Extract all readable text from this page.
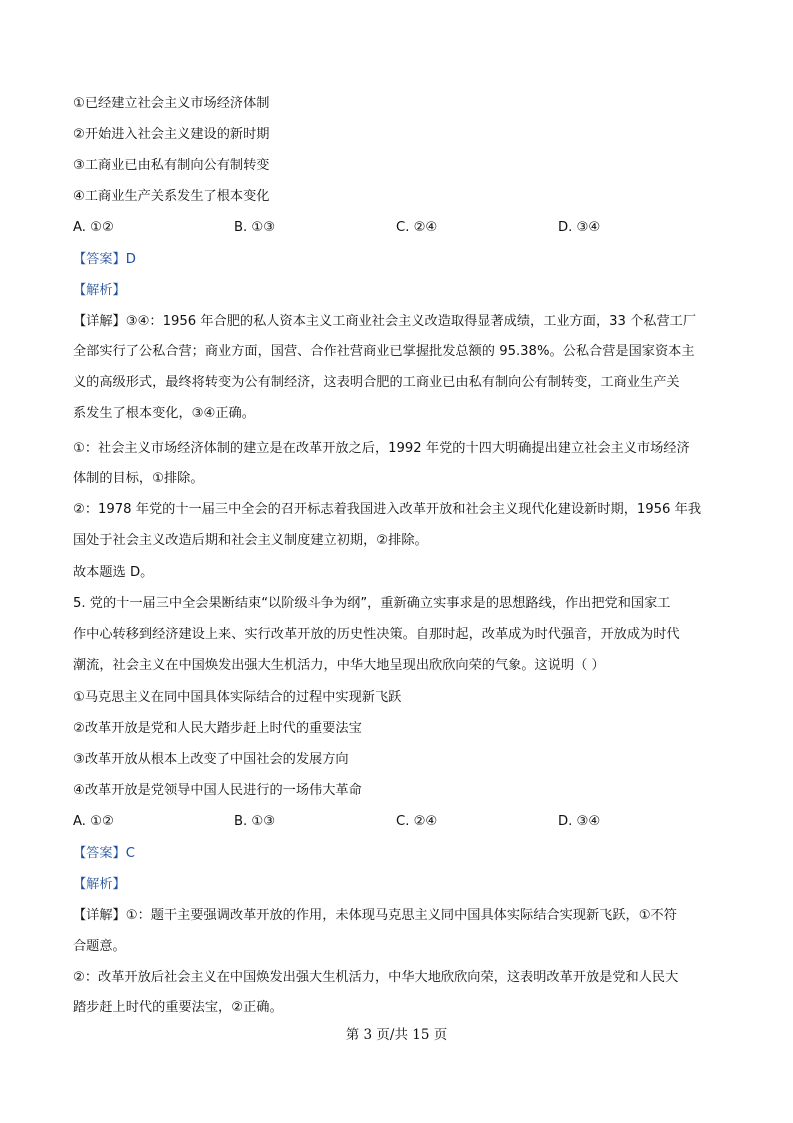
①已经建立社会主义市场经济体制
②开始进入社会主义建设的新时期
③工商业已由私有制向公有制转变
④工商业生产关系发生了根本变化
A. ①②	B. ①③	C. ②④	D. ③④
【答案】D
【解析】
【详解】③④：1956 年合肥的私人资本主义工商业社会主义改造取得显著成绩，工业方面，33 个私营工厂
全部实行了公私合营；商业方面，国营、合作社营商业已掌握批发总额的 95.38%。公私合营是国家资本主
义的高级形式，最终将转变为公有制经济，这表明合肥的工商业已由私有制向公有制转变，工商业生产关
系发生了根本变化，③④正确。
①：社会主义市场经济体制的建立是在改革开放之后，1992 年党的十四大明确提出建立社会主义市场经济
体制的目标，①排除。
②：1978 年党的十一届三中全会的召开标志着我国进入改革开放和社会主义现代化建设新时期，1956 年我
国处于社会主义改造后期和社会主义制度建立初期，②排除。
故本题选 D。
5. 党的十一届三中全会果断结束“以阶级斗争为纲”，重新确立实事求是的思想路线，作出把党和国家工
作中心转移到经济建设上来、实行改革开放的历史性决策。自那时起，改革成为时代强音，开放成为时代
潮流，社会主义在中国焕发出强大生机活力，中华大地呈现出欣欣向荣的气象。这说明（ ）
①马克思主义在同中国具体实际结合的过程中实现新飞跃
②改革开放是党和人民大踏步赶上时代的重要法宝
③改革开放从根本上改变了中国社会的发展方向
④改革开放是党领导中国人民进行的一场伟大革命
A. ①②	B. ①③	C. ②④	D. ③④
【答案】C
【解析】
【详解】①：题干主要强调改革开放的作用，未体现马克思主义同中国具体实际结合实现新飞跃，①不符
合题意。
②：改革开放后社会主义在中国焕发出强大生机活力，中华大地欣欣向荣，这表明改革开放是党和人民大
踏步赶上时代的重要法宝，②正确。
第 3 页/共 15 页
